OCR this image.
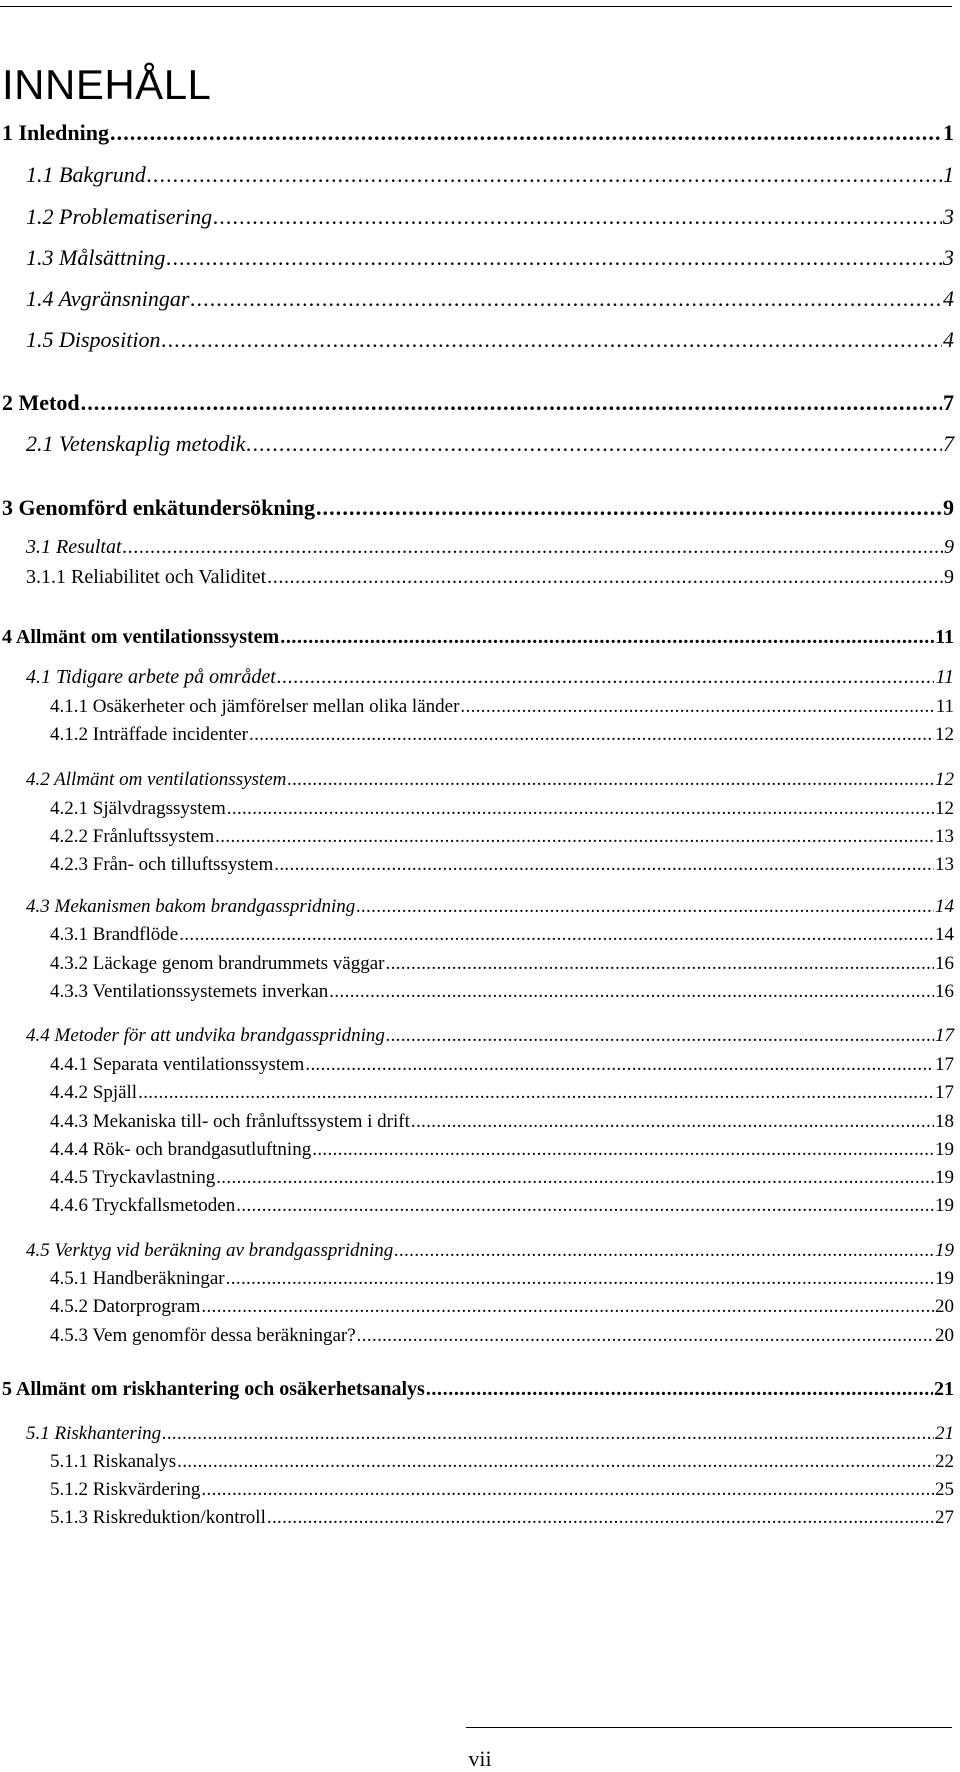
INNEHÅLL
1 Inledning . . .	1
1.1 Bakgrund . . .	1
1.2 Problematisering . . .	3
1.3 Målsättning . . .	3
1.4 Avgränsningar . . .	4
1.5 Disposition . . .	4
2 Metod . . .	7
2.1 Vetenskaplig metodik . . .	7
3 Genomförd enkätundersökning . . .	9
3.1 Resultat . . .	9
3.1.1 Reliabilitet och Validitet . . .	9
4 Allmänt om ventilationssystem . . .	11
4.1 Tidigare arbete på området . . .	11
4.1.1 Osäkerheter och jämförelser mellan olika länder . . .	11
4.1.2 Inträffade incidenter . . .	12
4.2 Allmänt om ventilationssystem . . .	12
4.2.1 Självdragssystem . . .	12
4.2.2 Frånluftssystem . . .	13
4.2.3 Från- och tilluftssystem . . .	13
4.3 Mekanismen bakom brandgasspridning . . .	14
4.3.1 Brandflöde . . .	14
4.3.2 Läckage genom brandrummets väggar . . .	16
4.3.3 Ventilationssystemets inverkan . . .	16
4.4 Metoder för att undvika brandgasspridning . . .	17
4.4.1 Separata ventilationssystem . . .	17
4.4.2 Spjäll . . .	17
4.4.3 Mekaniska till- och frånluftssystem i drift . . .	18
4.4.4 Rök- och brandgasutluftning . . .	19
4.4.5 Tryckavlastning . . .	19
4.4.6 Tryckfallsmetoden . . .	19
4.5 Verktyg vid beräkning av brandgasspridning . . .	19
4.5.1 Handberäkningar . . .	19
4.5.2 Datorprogram . . .	20
4.5.3 Vem genomför dessa beräkningar? . . .	20
5 Allmänt om riskhantering och osäkerhetsanalys . . .	21
5.1 Riskhantering . . .	21
5.1.1 Riskanalys . . .	22
5.1.2 Riskvärdering . . .	25
5.1.3 Riskreduktion/kontroll . . .	27
vii
